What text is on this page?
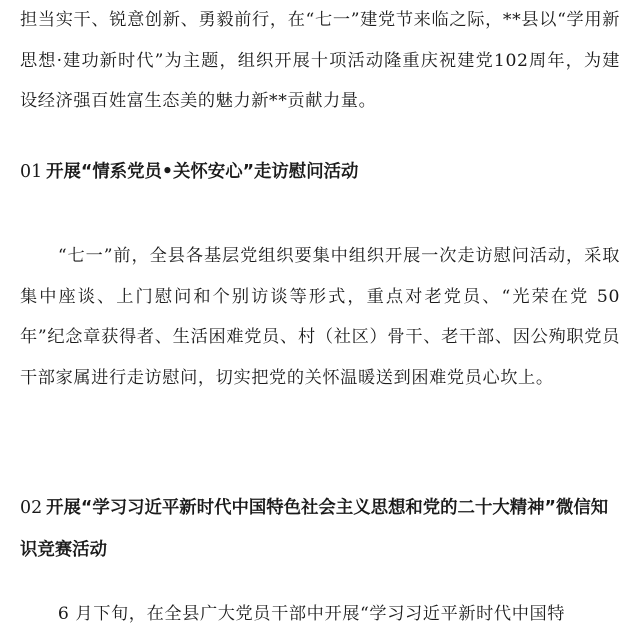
担当实干、锐意创新、勇毅前行，在“七一”建党节来临之际，**县以“学用新思想·建功新时代”为主题，组织开展十项活动隆重庆祝建党102周年，为建设经济强百姓富生态美的魅力新**贡献力量。

01 开展“情系党员•关怀安心”走访慰问活动

“七一”前，全县各基层党组织要集中组织开展一次走访慰问活动，采取集中座谈、上门慰问和个别访谈等形式，重点对老党员、“光荣在党 50 年”纪念章获得者、生活困难党员、村（社区）骨干、老干部、因公殉职党员干部家属进行走访慰问，切实把党的关怀温暖送到困难党员心坎上。

02 开展“学习习近平新时代中国特色社会主义思想和党的二十大精神”微信知识竞赛活动

6 月下旬，在全县广大党员干部中开展“学习习近平新时代中国特
